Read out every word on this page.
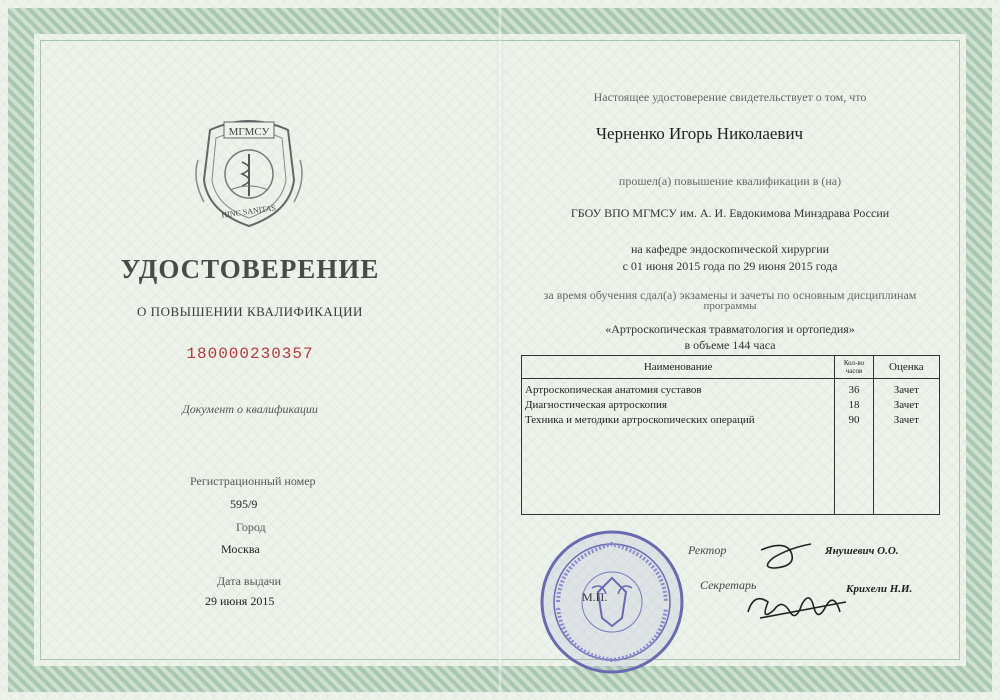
МГМСУ
HINC SANITAS
УДОСТОВЕРЕНИЕ
О ПОВЫШЕНИИ КВАЛИФИКАЦИИ
180000230357
Документ о квалификации
Регистрационный номер
595/9
Город
Москва
Дата выдачи
29 июня 2015
Настоящее удостоверение свидетельствует о том, что
Черненко Игорь Николаевич
прошел(а) повышение квалификации в (на)
ГБОУ ВПО МГМСУ им. А. И. Евдокимова Минздрава России
на кафедре эндоскопической хирургии
с 01 июня 2015 года по 29 июня 2015 года
за время обучения сдал(а) экзамены и зачеты по основным дисциплинам
программы
«Артроскопическая травматология и ортопедия»
в объеме 144 часа
Наименование	Кол-во часов	Оценка
Артроскопическая анатомия суставов	36	Зачет
Диагностическая артроскопия	18	Зачет
Техника и методики артроскопических операций	90	Зачет
М.П.
Ректор	Янушевич О.О.
Секретарь	Крихели Н.И.
